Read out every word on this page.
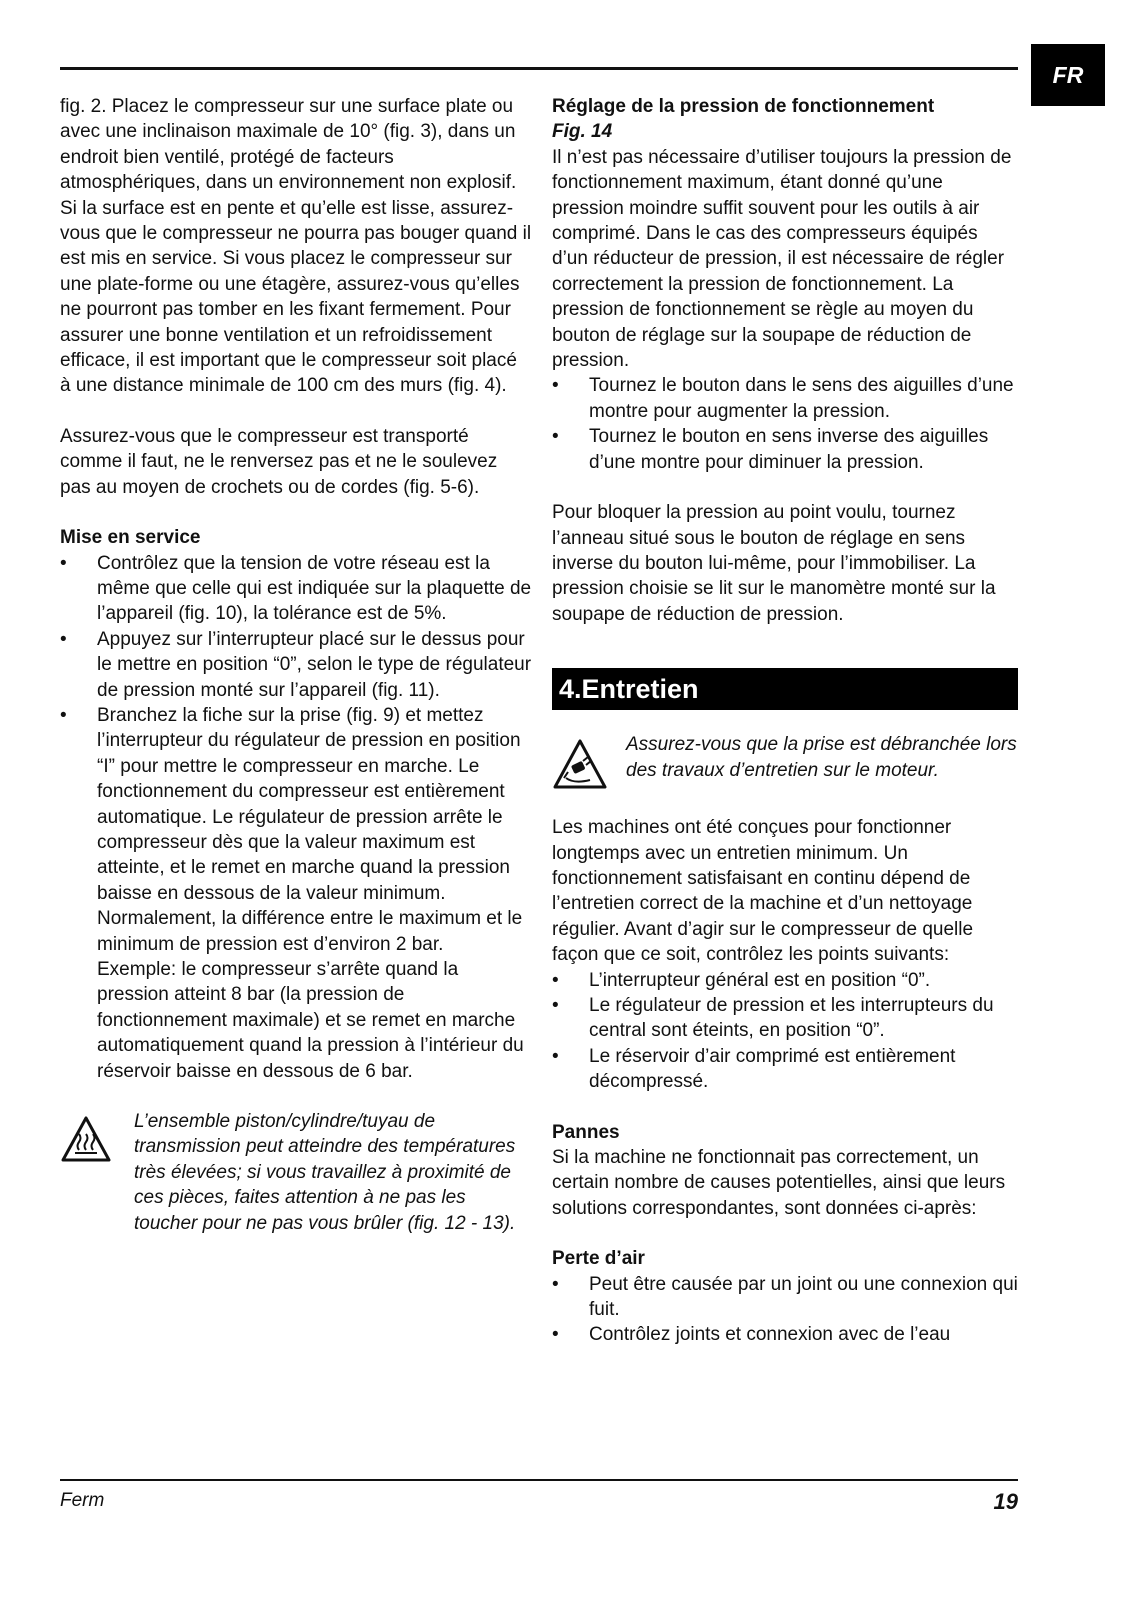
FR

fig. 2. Placez le compresseur sur une surface plate ou avec une inclinaison maximale de 10° (fig. 3), dans un endroit bien ventilé, protégé de facteurs atmosphériques, dans un environnement non explosif. Si la surface est en pente et qu’elle est lisse, assurez-vous que le compresseur ne pourra pas bouger quand il est mis en service. Si vous placez le compresseur sur une plate-forme ou une étagère, assurez-vous qu’elles ne pourront pas tomber en les fixant fermement. Pour assurer une bonne ventilation et un refroidissement efficace, il est important que le compresseur soit placé à une distance minimale de 100 cm des murs (fig. 4).

Assurez-vous que le compresseur est transporté comme il faut, ne le renversez pas et ne le soulevez pas au moyen de crochets ou de cordes (fig. 5-6).

Mise en service

• Contrôlez que la tension de votre réseau est la même que celle qui est indiquée sur la plaquette de l’appareil (fig. 10), la tolérance est de 5%.
• Appuyez sur l’interrupteur placé sur le dessus pour le mettre en position “0”, selon le type de régulateur de pression monté sur l’appareil (fig. 11).
• Branchez la fiche sur la prise (fig. 9) et mettez l’interrupteur du régulateur de pression en position “I” pour mettre le compresseur en marche. Le fonctionnement du compresseur est entièrement automatique. Le régulateur de pression arrête le compresseur dès que la valeur maximum est atteinte, et le remet en marche quand la pression baisse en dessous de la valeur minimum. Normalement, la différence entre le maximum et le minimum de pression est d’environ 2 bar.

Exemple: le compresseur s’arrête quand la pression atteint 8 bar (la pression de fonctionnement maximale) et se remet en marche automatiquement quand la pression à l’intérieur du réservoir baisse en dessous de 6 bar.

L’ensemble piston/cylindre/tuyau de transmission peut atteindre des températures très élevées; si vous travaillez à proximité de ces pièces, faites attention à ne pas les toucher pour ne pas vous brûler (fig. 12 - 13).

Réglage de la pression de fonctionnement

Fig. 14

Il n’est pas nécessaire d’utiliser toujours la pression de fonctionnement maximum, étant donné qu’une pression moindre suffit souvent pour les outils à air comprimé. Dans le cas des compresseurs équipés d’un réducteur de pression, il est nécessaire de régler correctement la pression de fonctionnement. La pression de fonctionnement se règle au moyen du bouton de réglage sur la soupape de réduction de pression.

• Tournez le bouton dans le sens des aiguilles d’une montre pour augmenter la pression.
• Tournez le bouton en sens inverse des aiguilles d’une montre pour diminuer la pression.

Pour bloquer la pression au point voulu, tournez l’anneau situé sous le bouton de réglage en sens inverse du bouton lui-même, pour l’immobiliser. La pression choisie se lit sur le manomètre monté sur la soupape de réduction de pression.

4.Entretien

Assurez-vous que la prise est débranchée lors des travaux d’entretien sur le moteur.

Les machines ont été conçues pour fonctionner longtemps avec un entretien minimum. Un fonctionnement satisfaisant en continu dépend de l’entretien correct de la machine et d’un nettoyage régulier. Avant d’agir sur le compresseur de quelle façon que ce soit, contrôlez les points suivants:

• L’interrupteur général est en position “0”.
• Le régulateur de pression et les interrupteurs du central sont éteints, en position “0”.
• Le réservoir d’air comprimé est entièrement décompressé.

Pannes

Si la machine ne fonctionnait pas correctement, un certain nombre de causes potentielles, ainsi que leurs solutions correspondantes, sont données ci-après:

Perte d’air

• Peut être causée par un joint ou une connexion qui fuit.
• Contrôlez joints et connexion avec de l’eau
Ferm	19
